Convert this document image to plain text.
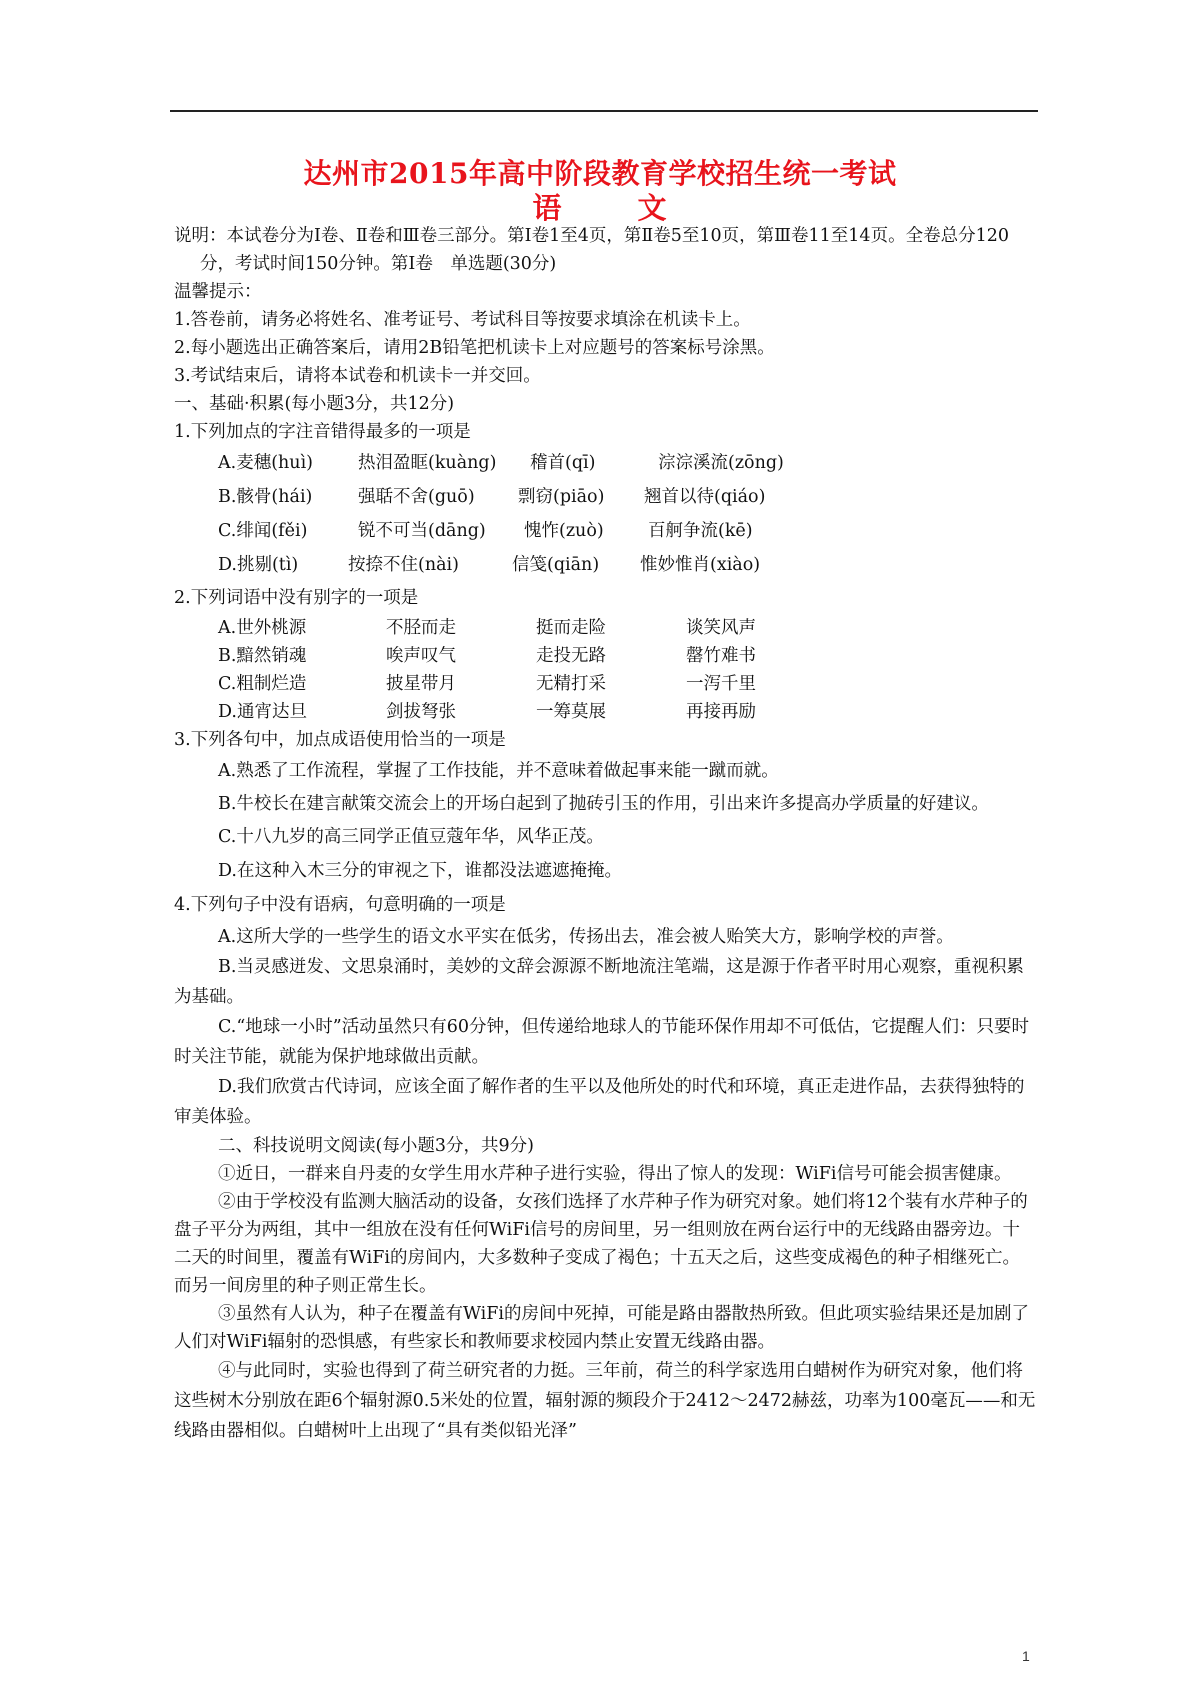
达州市2015年高中阶段教育学校招生统一考试
语 文

说明：本试卷分为Ⅰ卷、Ⅱ卷和Ⅲ卷三部分。第Ⅰ卷1至4页，第Ⅱ卷5至10页，第Ⅲ卷11至14页。全卷总分120分，考试时间150分钟。第Ⅰ卷　单选题(30分)

温馨提示：

1.答卷前，请务必将姓名、准考证号、考试科目等按要求填涂在机读卡上。

2.每小题选出正确答案后，请用2B铅笔把机读卡上对应题号的答案标号涂黑。

3.考试结束后，请将本试卷和机读卡一并交回。

一、基础·积累(每小题3分，共12分)

1.下列加点的字注音错得最多的一项是

A.麦穗(huì)	热泪盈眶(kuàng) 稽首(qī)	淙淙溪流(zōng)
B.骸骨(hái)	强聒不舍(guō) 剽窃(piāo) 翘首以待(qiáo)
C.绯闻(fěi)	锐不可当(dāng) 愧怍(zuò)	百舸争流(kē)
D.挑剔(tì)	按捺不住(nài)	信笺(qiān) 惟妙惟肖(xiào)

2.下列词语中没有别字的一项是

A.世外桃源	不胫而走	挺而走险	谈笑风声
B.黯然销魂	唉声叹气	走投无路	罄竹难书
C.粗制烂造	披星带月	无精打采	一泻千里
D.通宵达旦	剑拔弩张	一筹莫展	再接再励

3.下列各句中，加点成语使用恰当的一项是

A.熟悉了工作流程，掌握了工作技能，并不意味着做起事来能一蹴而就。

B.牛校长在建言献策交流会上的开场白起到了抛砖引玉的作用，引出来许多提高办学质量的好建议。

C.十八九岁的高三同学正值豆蔻年华，风华正茂。

D.在这种入木三分的审视之下，谁都没法遮遮掩掩。

4.下列句子中没有语病，句意明确的一项是

A.这所大学的一些学生的语文水平实在低劣，传扬出去，准会被人贻笑大方，影响学校的声誉。

B.当灵感迸发、文思泉涌时，美妙的文辞会源源不断地流注笔端，这是源于作者平时用心观察，重视积累为基础。

C.“地球一小时”活动虽然只有60分钟，但传递给地球人的节能环保作用却不可低估，它提醒人们：只要时时关注节能，就能为保护地球做出贡献。

D.我们欣赏古代诗词，应该全面了解作者的生平以及他所处的时代和环境，真正走进作品，去获得独特的审美体验。

二、科技说明文阅读(每小题3分，共9分)

①近日，一群来自丹麦的女学生用水芹种子进行实验，得出了惊人的发现：WiFi信号可能会损害健康。

②由于学校没有监测大脑活动的设备，女孩们选择了水芹种子作为研究对象。她们将12个装有水芹种子的盘子平分为两组，其中一组放在没有任何WiFi信号的房间里，另一组则放在两台运行中的无线路由器旁边。十二天的时间里，覆盖有WiFi的房间内，大多数种子变成了褐色；十五天之后，这些变成褐色的种子相继死亡。而另一间房里的种子则正常生长。

③虽然有人认为，种子在覆盖有WiFi的房间中死掉，可能是路由器散热所致。但此项实验结果还是加剧了人们对WiFi辐射的恐惧感，有些家长和教师要求校园内禁止安置无线路由器。

④与此同时，实验也得到了荷兰研究者的力挺。三年前，荷兰的科学家选用白蜡树作为研究对象，他们将这些树木分别放在距6个辐射源0.5米处的位置，辐射源的频段介于2412～2472赫兹，功率为100毫瓦——和无线路由器相似。白蜡树叶上出现了“具有类似铅光泽”

1
